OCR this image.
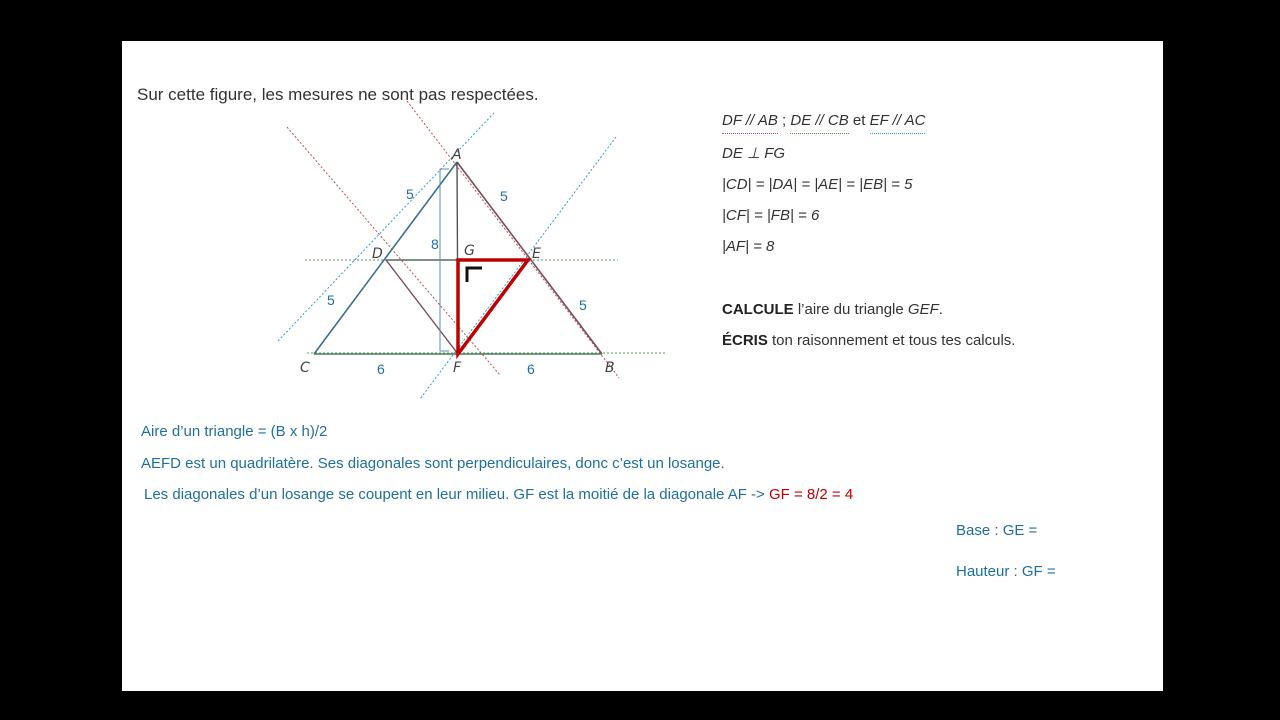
Sur cette figure, les mesures ne sont pas respectées.
A
D	G	E
C	F	B
5	5
5	5
6	6
8
DF // AB ; DE // CB et EF // AC
DE ⊥ FG
|CD| = |DA| = |AE| = |EB| = 5
|CF| = |FB| = 6
|AF| = 8
CALCULE l’aire du triangle GEF.
ÉCRIS ton raisonnement et tous tes calculs.
Aire d’un triangle = (B x h)/2
AEFD est un quadrilatère. Ses diagonales sont perpendiculaires, donc c’est un losange.
Les diagonales d’un losange se coupent en leur milieu. GF est la moitié de la diagonale AF -> GF = 8/2 = 4
Base : GE =
Hauteur : GF =
